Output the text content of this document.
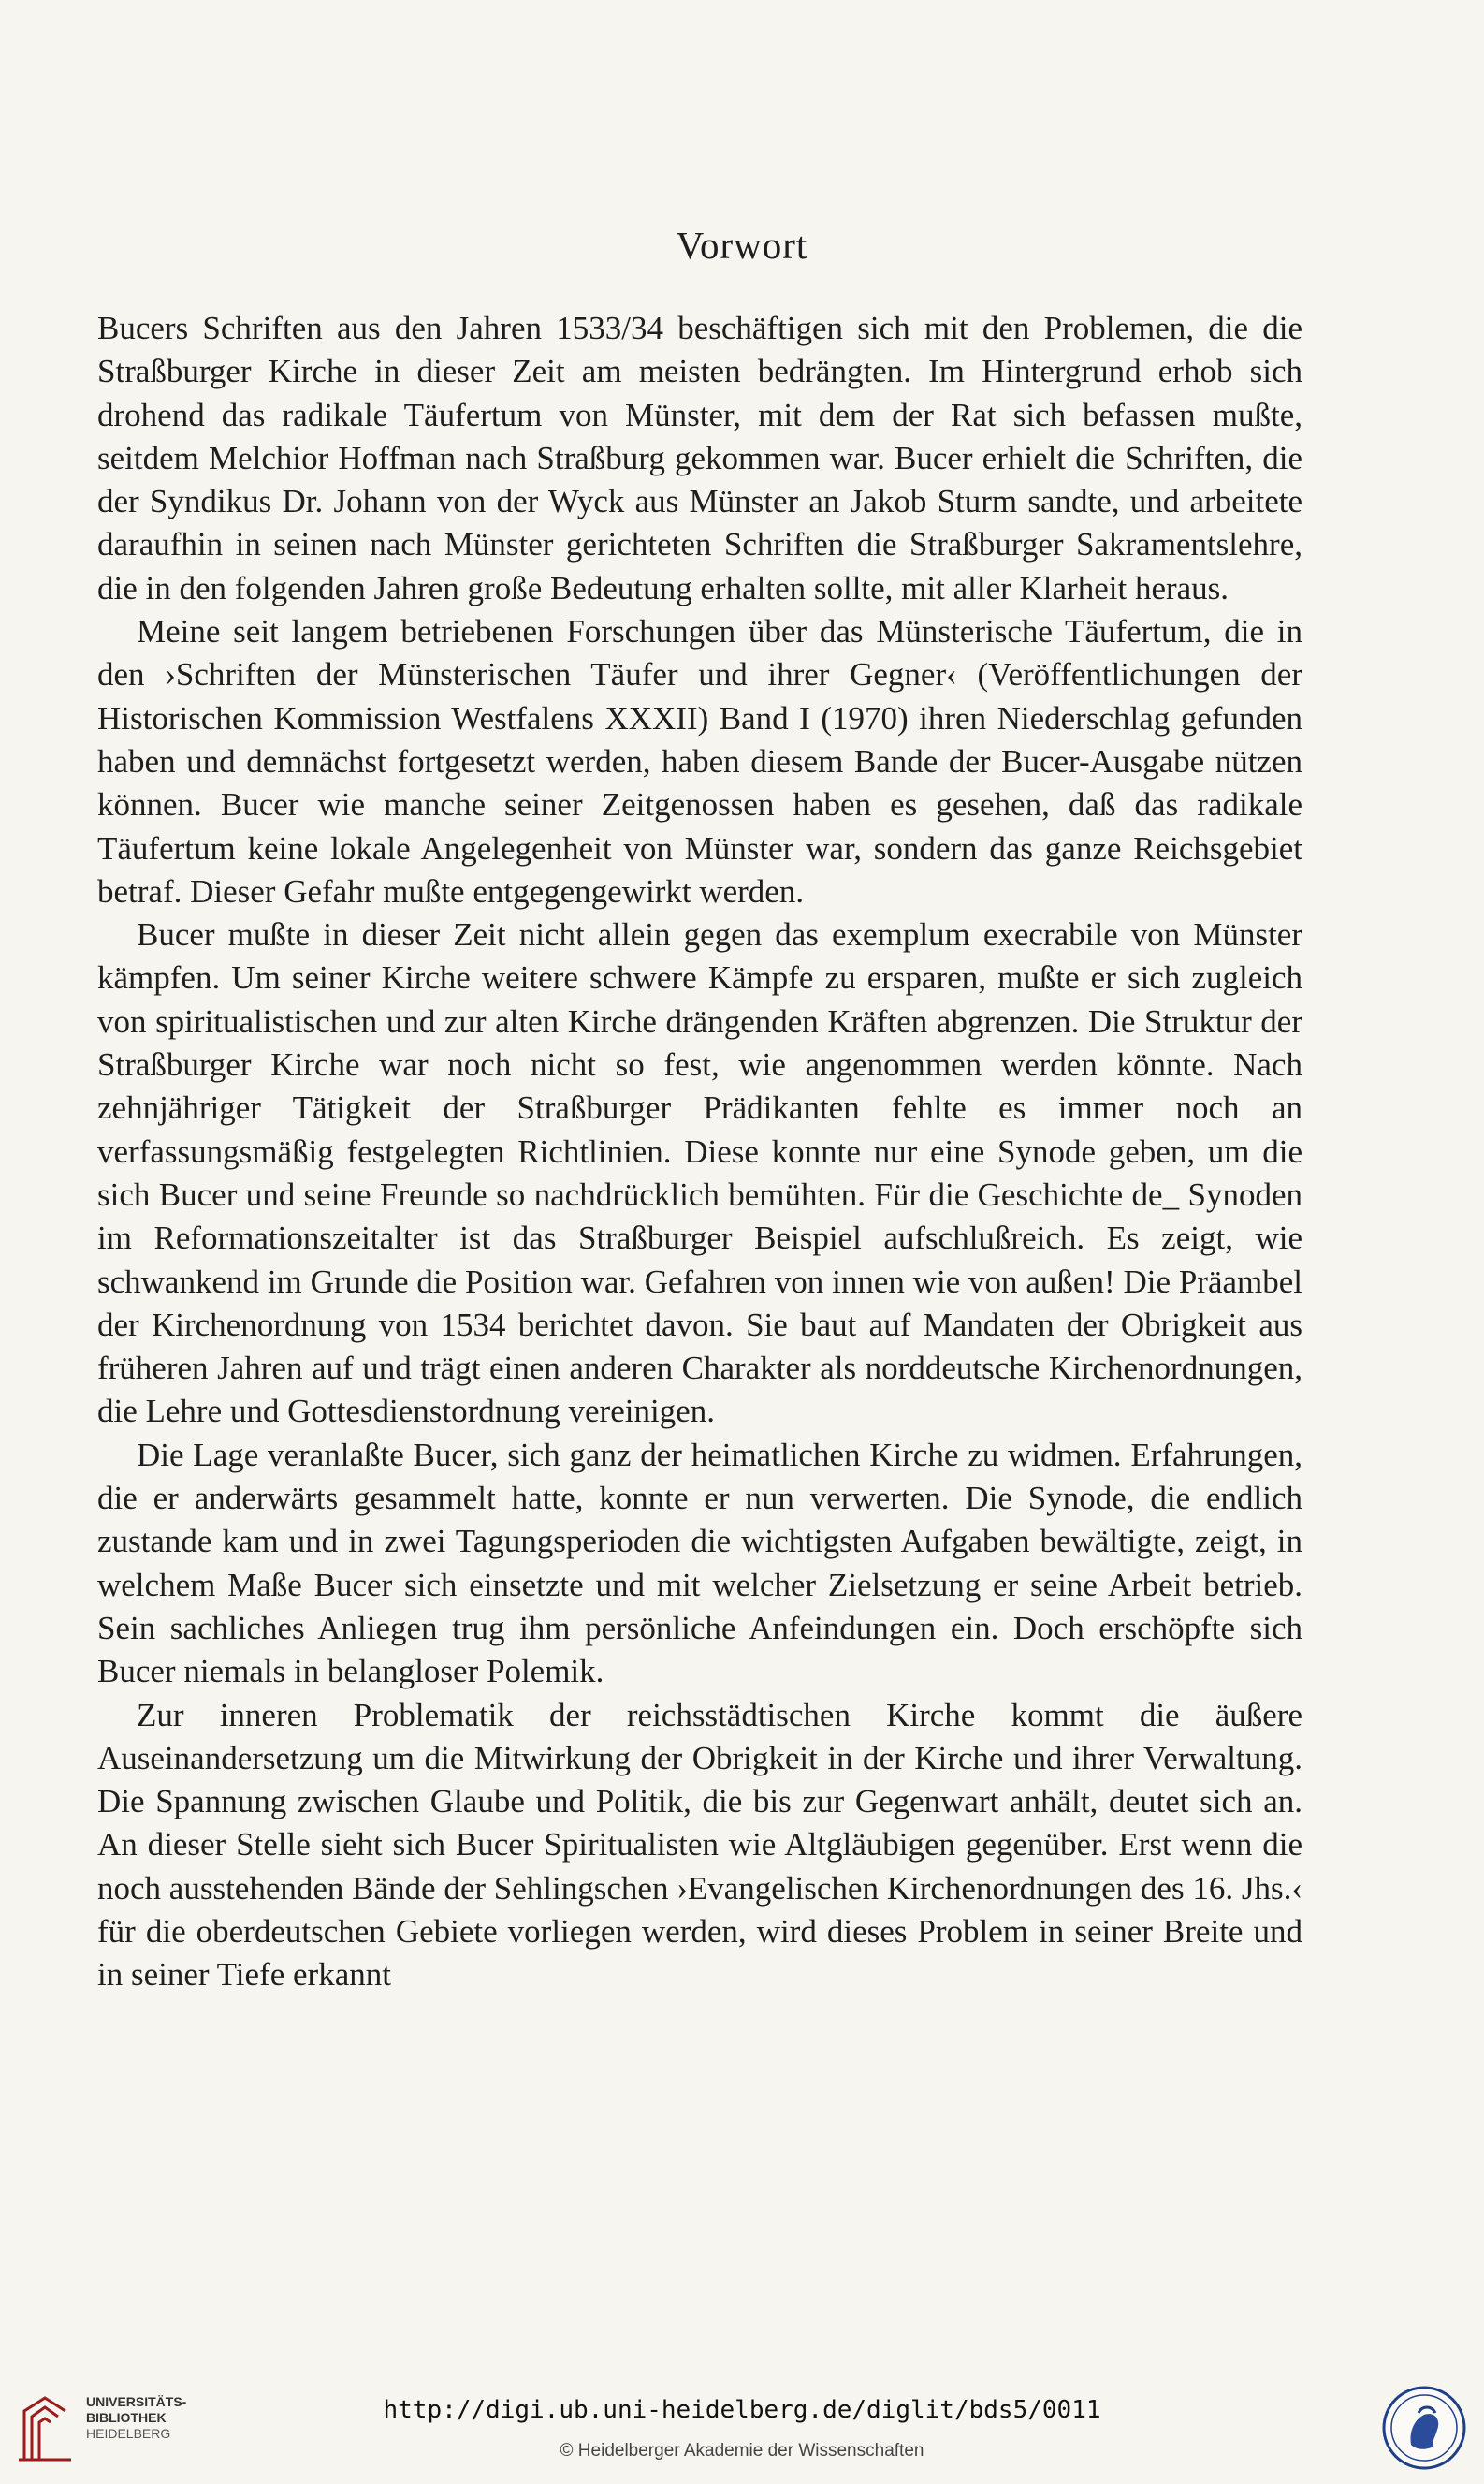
Vorwort

Bucers Schriften aus den Jahren 1533/34 beschäftigen sich mit den Problemen, die die Straßburger Kirche in dieser Zeit am meisten bedrängten. Im Hintergrund erhob sich drohend das radikale Täufertum von Münster, mit dem der Rat sich befassen mußte, seitdem Melchior Hoffman nach Straßburg gekommen war. Bucer erhielt die Schriften, die der Syndikus Dr. Johann von der Wyck aus Münster an Jakob Sturm sandte, und arbeitete daraufhin in seinen nach Münster gerichteten Schriften die Straßburger Sakramentslehre, die in den folgenden Jahren große Bedeutung erhalten sollte, mit aller Klarheit heraus.

Meine seit langem betriebenen Forschungen über das Münsterische Täufertum, die in den ›Schriften der Münsterischen Täufer und ihrer Gegner‹ (Veröffentlichungen der Historischen Kommission Westfalens XXXII) Band I (1970) ihren Niederschlag gefunden haben und demnächst fortgesetzt werden, haben diesem Bande der Bucer-Ausgabe nützen können. Bucer wie manche seiner Zeitgenossen haben es gesehen, daß das radikale Täufertum keine lokale Angelegenheit von Münster war, sondern das ganze Reichsgebiet betraf. Dieser Gefahr mußte entgegengewirkt werden.

Bucer mußte in dieser Zeit nicht allein gegen das exemplum execrabile von Münster kämpfen. Um seiner Kirche weitere schwere Kämpfe zu ersparen, mußte er sich zugleich von spiritualistischen und zur alten Kirche drängenden Kräften abgrenzen. Die Struktur der Straßburger Kirche war noch nicht so fest, wie angenommen werden könnte. Nach zehnjähriger Tätigkeit der Straßburger Prädikanten fehlte es immer noch an verfassungsmäßig festgelegten Richtlinien. Diese konnte nur eine Synode geben, um die sich Bucer und seine Freunde so nachdrücklich bemühten. Für die Geschichte de_ Synoden im Reformationszeitalter ist das Straßburger Beispiel aufschlußreich. Es zeigt, wie schwankend im Grunde die Position war. Gefahren von innen wie von außen! Die Präambel der Kirchenordnung von 1534 berichtet davon. Sie baut auf Mandaten der Obrigkeit aus früheren Jahren auf und trägt einen anderen Charakter als norddeutsche Kirchenordnungen, die Lehre und Gottesdienstordnung vereinigen.

Die Lage veranlaßte Bucer, sich ganz der heimatlichen Kirche zu widmen. Erfahrungen, die er anderwärts gesammelt hatte, konnte er nun verwerten. Die Synode, die endlich zustande kam und in zwei Tagungsperioden die wichtigsten Aufgaben bewältigte, zeigt, in welchem Maße Bucer sich einsetzte und mit welcher Zielsetzung er seine Arbeit betrieb. Sein sachliches Anliegen trug ihm persönliche Anfeindungen ein. Doch erschöpfte sich Bucer niemals in belangloser Polemik.

Zur inneren Problematik der reichsstädtischen Kirche kommt die äußere Auseinandersetzung um die Mitwirkung der Obrigkeit in der Kirche und ihrer Verwaltung. Die Spannung zwischen Glaube und Politik, die bis zur Gegenwart anhält, deutet sich an. An dieser Stelle sieht sich Bucer Spiritualisten wie Altgläubigen gegenüber. Erst wenn die noch ausstehenden Bände der Sehlingschen ›Evangelischen Kirchenordnungen des 16. Jhs.‹ für die oberdeutschen Gebiete vorliegen werden, wird dieses Problem in seiner Breite und in seiner Tiefe erkannt

UNIVERSITÄTS-
BIBLIOTHEK
HEIDELBERG
http://digi.ub.uni-heidelberg.de/diglit/bds5/0011
© Heidelberger Akademie der Wissenschaften
